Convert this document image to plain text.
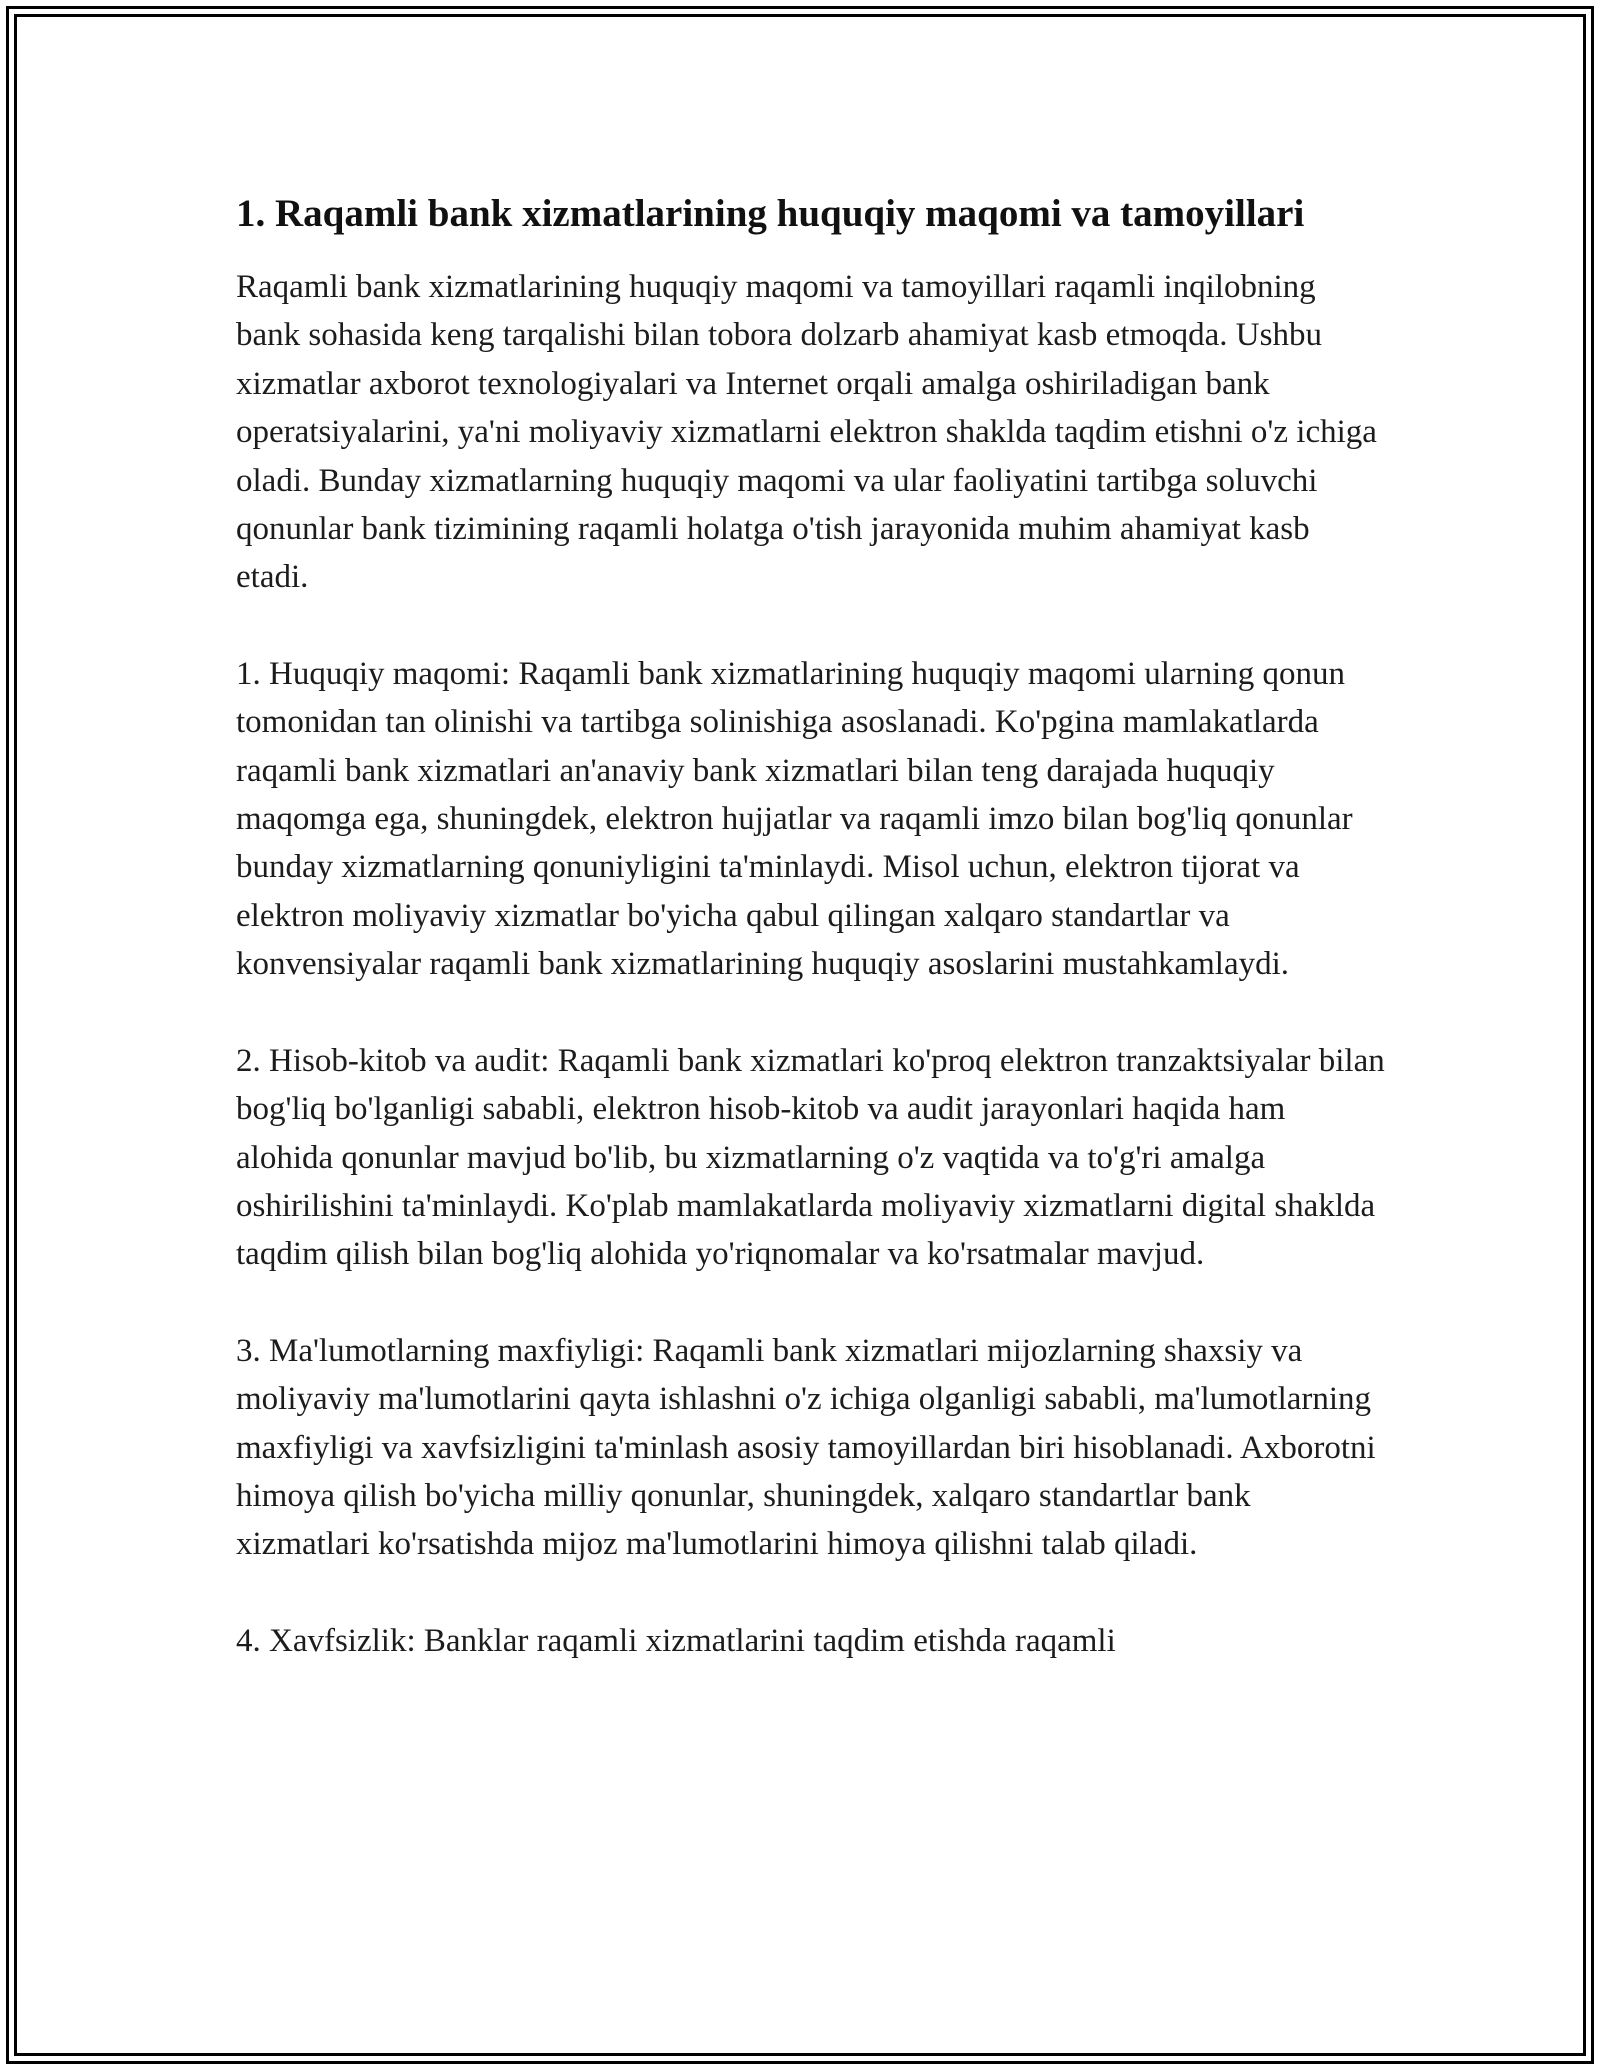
1. Raqamli bank xizmatlarining huquqiy maqomi va tamoyillari

Raqamli bank xizmatlarining huquqiy maqomi va tamoyillari raqamli inqilobning bank sohasida keng tarqalishi bilan tobora dolzarb ahamiyat kasb etmoqda. Ushbu xizmatlar axborot texnologiyalari va Internet orqali amalga oshiriladigan bank operatsiyalarini, ya'ni moliyaviy xizmatlarni elektron shaklda taqdim etishni o'z ichiga oladi. Bunday xizmatlarning huquqiy maqomi va ular faoliyatini tartibga soluvchi qonunlar bank tizimining raqamli holatga o'tish jarayonida muhim ahamiyat kasb etadi.

1. Huquqiy maqomi: Raqamli bank xizmatlarining huquqiy maqomi ularning qonun tomonidan tan olinishi va tartibga solinishiga asoslanadi. Ko'pgina mamlakatlarda raqamli bank xizmatlari an'anaviy bank xizmatlari bilan teng darajada huquqiy maqomga ega, shuningdek, elektron hujjatlar va raqamli imzo bilan bog'liq qonunlar bunday xizmatlarning qonuniyligini ta'minlaydi. Misol uchun, elektron tijorat va elektron moliyaviy xizmatlar bo'yicha qabul qilingan xalqaro standartlar va konvensiyalar raqamli bank xizmatlarining huquqiy asoslarini mustahkamlaydi.

2. Hisob-kitob va audit: Raqamli bank xizmatlari ko'proq elektron tranzaktsiyalar bilan bog'liq bo'lganligi sababli, elektron hisob-kitob va audit jarayonlari haqida ham alohida qonunlar mavjud bo'lib, bu xizmatlarning o'z vaqtida va to'g'ri amalga oshirilishini ta'minlaydi. Ko'plab mamlakatlarda moliyaviy xizmatlarni digital shaklda taqdim qilish bilan bog'liq alohida yo'riqnomalar va ko'rsatmalar mavjud.

3. Ma'lumotlarning maxfiyligi: Raqamli bank xizmatlari mijozlarning shaxsiy va moliyaviy ma'lumotlarini qayta ishlashni o'z ichiga olganligi sababli, ma'lumotlarning maxfiyligi va xavfsizligini ta'minlash asosiy tamoyillardan biri hisoblanadi. Axborotni himoya qilish bo'yicha milliy qonunlar, shuningdek, xalqaro standartlar bank xizmatlari ko'rsatishda mijoz ma'lumotlarini himoya qilishni talab qiladi.

4. Xavfsizlik: Banklar raqamli xizmatlarini taqdim etishda raqamli
